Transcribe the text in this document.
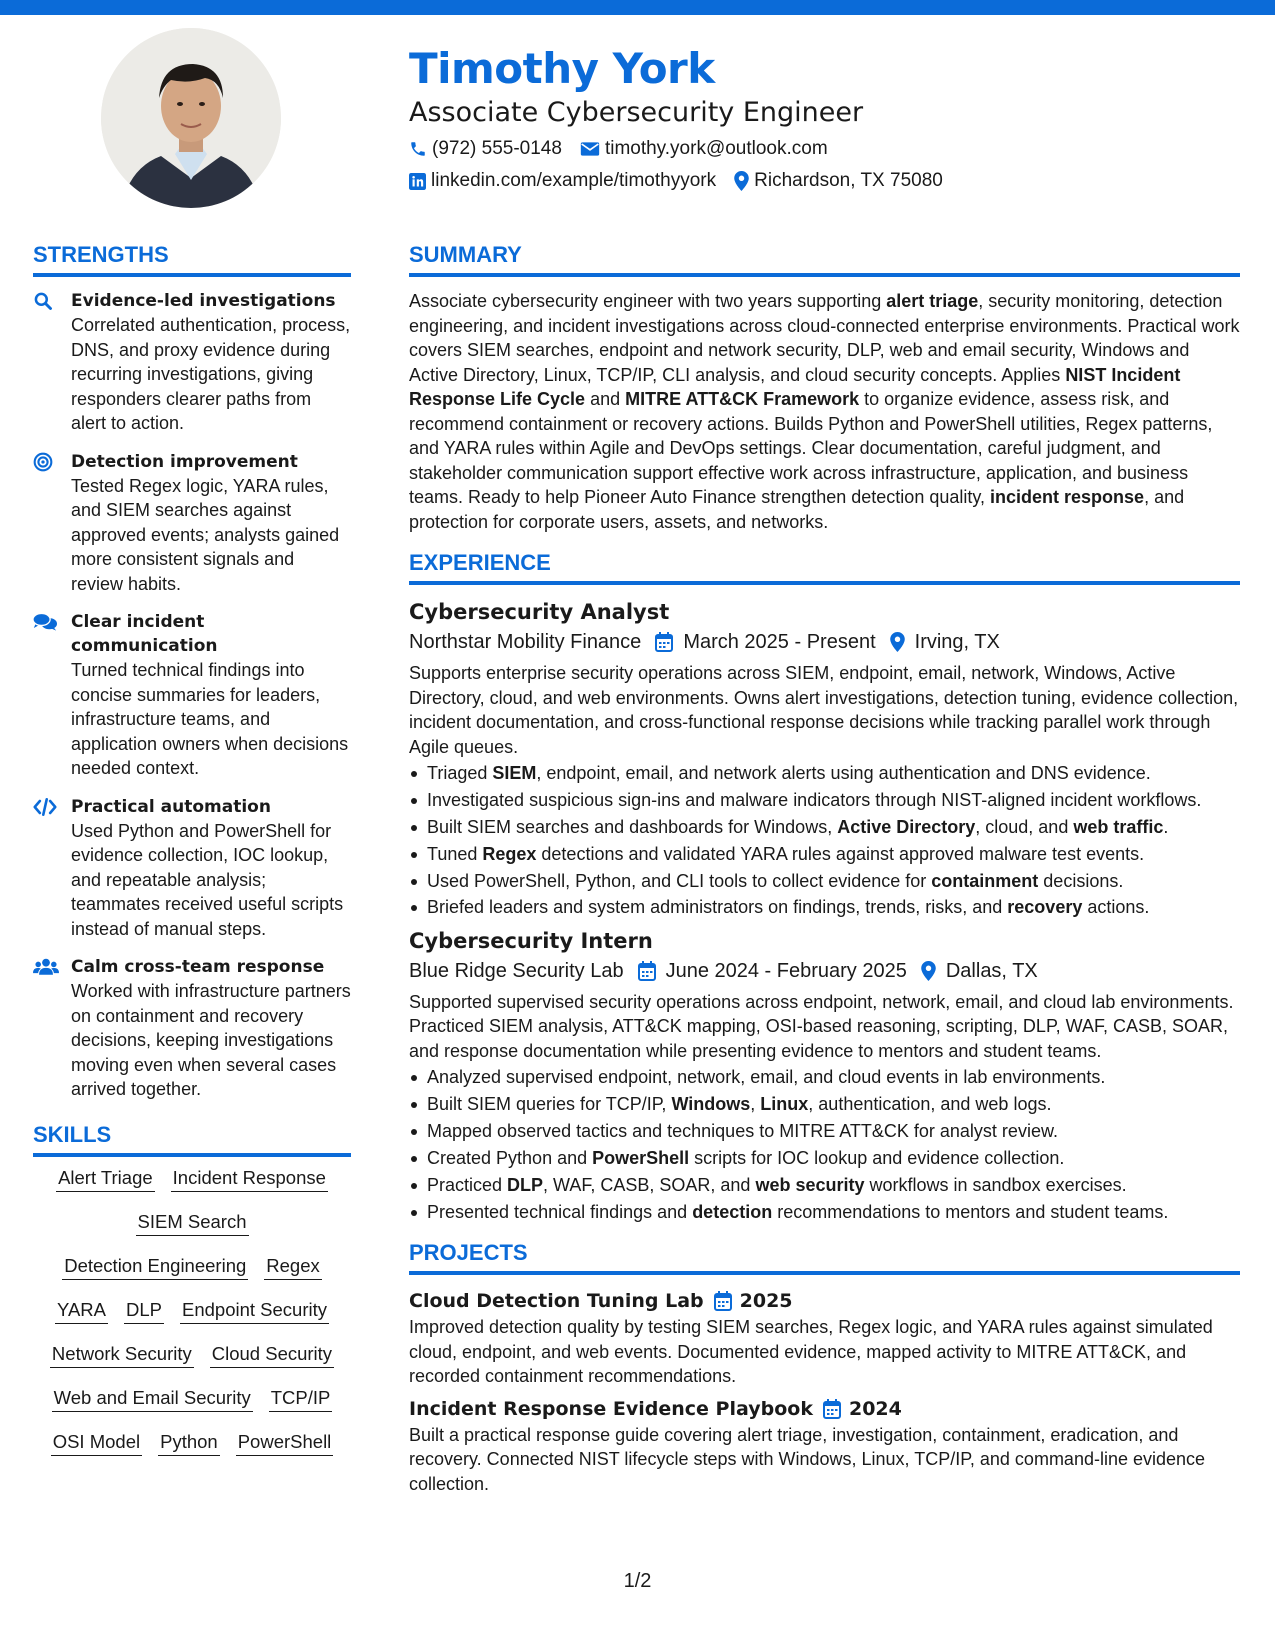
Timothy York
Associate Cybersecurity Engineer
(972) 555-0148 timothy.york@outlook.com
linkedin.com/example/timothyyork Richardson, TX 75080
STRENGTHS
Evidence-led investigations
Correlated authentication, process, DNS, and proxy evidence during recurring investigations, giving responders clearer paths from alert to action.
Detection improvement
Tested Regex logic, YARA rules, and SIEM searches against approved events; analysts gained more consistent signals and review habits.
Clear incident communication
Turned technical findings into concise summaries for leaders, infrastructure teams, and application owners when decisions needed context.
Practical automation
Used Python and PowerShell for evidence collection, IOC lookup, and repeatable analysis; teammates received useful scripts instead of manual steps.
Calm cross-team response
Worked with infrastructure partners on containment and recovery decisions, keeping investigations moving even when several cases arrived together.
SKILLS
Alert Triage Incident Response
SIEM Search
Detection Engineering Regex
YARA DLP Endpoint Security
Network Security Cloud Security
Web and Email Security TCP/IP
OSI Model Python PowerShell
SUMMARY
Associate cybersecurity engineer with two years supporting alert triage, security monitoring, detection engineering, and incident investigations across cloud-connected enterprise environments. Practical work covers SIEM searches, endpoint and network security, DLP, web and email security, Windows and Active Directory, Linux, TCP/IP, CLI analysis, and cloud security concepts. Applies NIST Incident Response Life Cycle and MITRE ATT&CK Framework to organize evidence, assess risk, and recommend containment or recovery actions. Builds Python and PowerShell utilities, Regex patterns, and YARA rules within Agile and DevOps settings. Clear documentation, careful judgment, and stakeholder communication support effective work across infrastructure, application, and business teams. Ready to help Pioneer Auto Finance strengthen detection quality, incident response, and protection for corporate users, assets, and networks.
EXPERIENCE
Cybersecurity Analyst
Northstar Mobility Finance March 2025 - Present Irving, TX
Supports enterprise security operations across SIEM, endpoint, email, network, Windows, Active Directory, cloud, and web environments. Owns alert investigations, detection tuning, evidence collection, incident documentation, and cross-functional response decisions while tracking parallel work through Agile queues.
Triaged SIEM, endpoint, email, and network alerts using authentication and DNS evidence.
Investigated suspicious sign-ins and malware indicators through NIST-aligned incident workflows.
Built SIEM searches and dashboards for Windows, Active Directory, cloud, and web traffic.
Tuned Regex detections and validated YARA rules against approved malware test events.
Used PowerShell, Python, and CLI tools to collect evidence for containment decisions.
Briefed leaders and system administrators on findings, trends, risks, and recovery actions.
Cybersecurity Intern
Blue Ridge Security Lab June 2024 - February 2025 Dallas, TX
Supported supervised security operations across endpoint, network, email, and cloud lab environments. Practiced SIEM analysis, ATT&CK mapping, OSI-based reasoning, scripting, DLP, WAF, CASB, SOAR, and response documentation while presenting evidence to mentors and student teams.
Analyzed supervised endpoint, network, email, and cloud events in lab environments.
Built SIEM queries for TCP/IP, Windows, Linux, authentication, and web logs.
Mapped observed tactics and techniques to MITRE ATT&CK for analyst review.
Created Python and PowerShell scripts for IOC lookup and evidence collection.
Practiced DLP, WAF, CASB, SOAR, and web security workflows in sandbox exercises.
Presented technical findings and detection recommendations to mentors and student teams.
PROJECTS
Cloud Detection Tuning Lab 2025
Improved detection quality by testing SIEM searches, Regex logic, and YARA rules against simulated cloud, endpoint, and web events. Documented evidence, mapped activity to MITRE ATT&CK, and recorded containment recommendations.
Incident Response Evidence Playbook 2024
Built a practical response guide covering alert triage, investigation, containment, eradication, and recovery. Connected NIST lifecycle steps with Windows, Linux, TCP/IP, and command-line evidence collection.
1/2
